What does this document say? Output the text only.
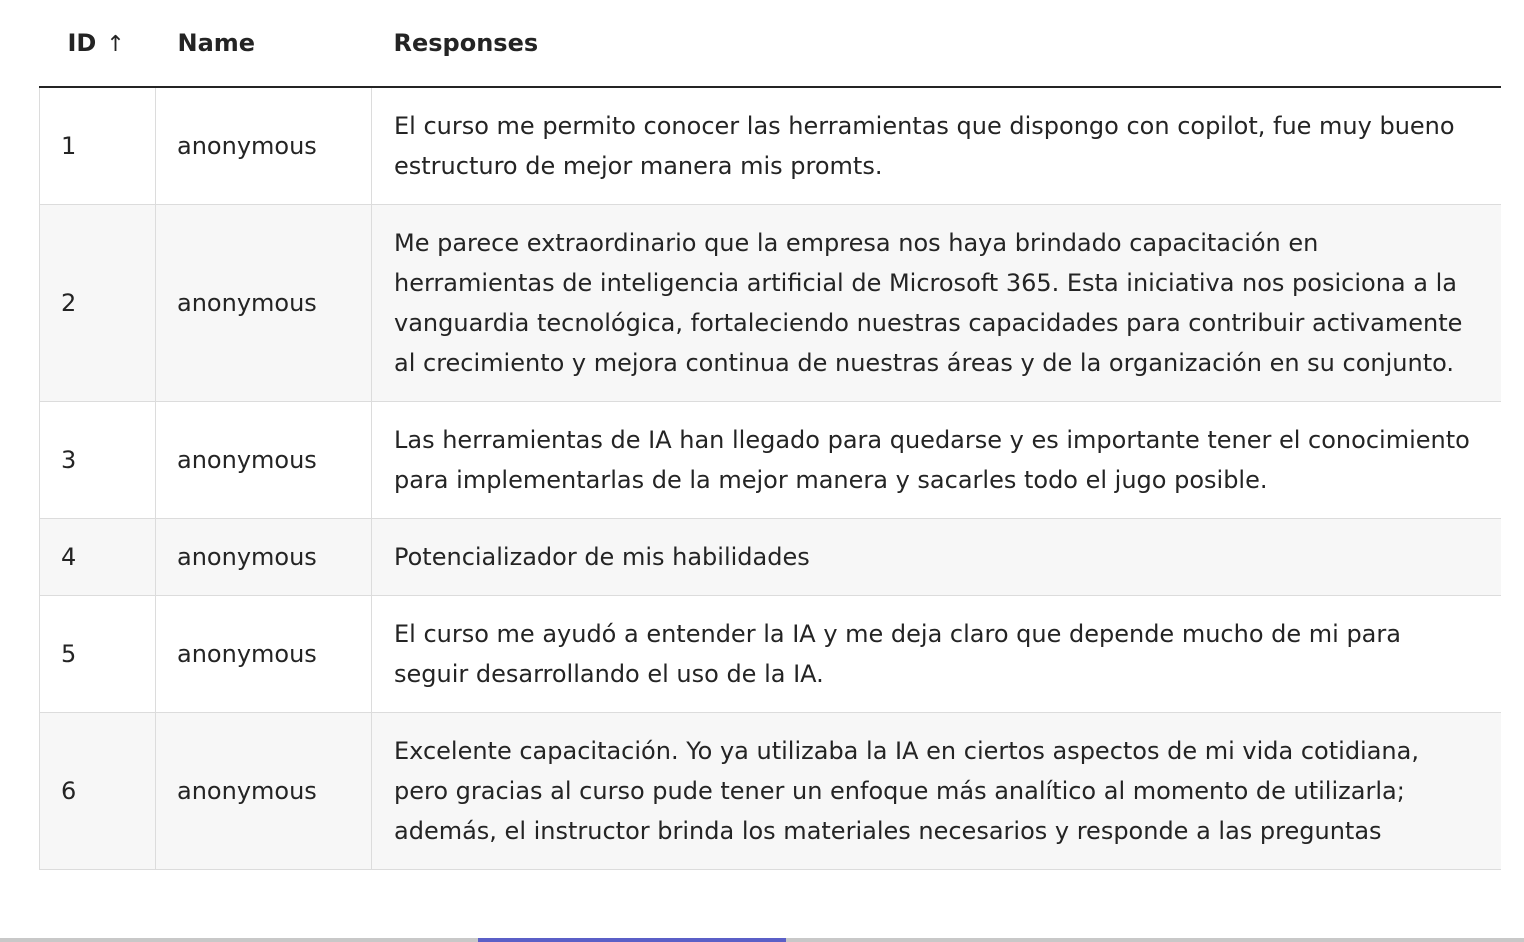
ID ↑	Name	Responses
1	anonymous	El curso me permito conocer las herramientas que dispongo con copilot, fue muy bueno estructuro de mejor manera mis promts.
2	anonymous	Me parece extraordinario que la empresa nos haya brindado capacitación en herramientas de inteligencia artificial de Microsoft 365. Esta iniciativa nos posiciona a la vanguardia tecnológica, fortaleciendo nuestras capacidades para contribuir activamente al crecimiento y mejora continua de nuestras áreas y de la organización en su conjunto.
3	anonymous	Las herramientas de IA han llegado para quedarse y es importante tener el conocimiento para implementarlas de la mejor manera y sacarles todo el jugo posible.
4	anonymous	Potencializador de mis habilidades
5	anonymous	El curso me ayudó a entender la IA y me deja claro que depende mucho de mi para seguir desarrollando el uso de la IA.
6	anonymous	Excelente capacitación. Yo ya utilizaba la IA en ciertos aspectos de mi vida cotidiana, pero gracias al curso pude tener un enfoque más analítico al momento de utilizarla; además, el instructor brinda los materiales necesarios y responde a las preguntas
